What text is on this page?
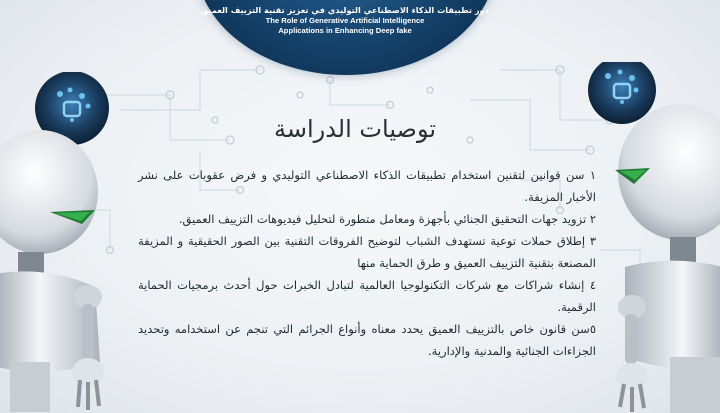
دور تطبيقات الذكاء الاصطناعي التوليدي في تعزيز تقنية التزييف العميق
The Role of Generative Artificial Intelligence Applications in Enhancing Deep fake
توصيات الدراسة

١ سن قوانين لتقنين استخدام تطبيقات الذكاء الاصطناعي التوليدي و فرض عقوبات على نشر الأخبار المزيفة.

٢ تزويد جهات التحقيق الجنائي بأجهزة ومعامل متطورة لتحليل فيديوهات التزييف العميق.

٣ إطلاق حملات توعية تستهدف الشباب لتوضيح الفروقات التقنية بين الصور الحقيقية و المزيفة المصنعة بتقنية التزييف العميق و طرق الحماية منها

٤ إنشاء شراكات مع شركات التكنولوجيا العالمية لتبادل الخبرات حول أحدث برمجيات الحماية الرقمية.

٥سن قانون خاص بالتزييف العميق يحدد معناه وأنواع الجرائم التي تنجم عن استخدامه وتحديد الجزاءات الجنائية والمدنية والإدارية.
